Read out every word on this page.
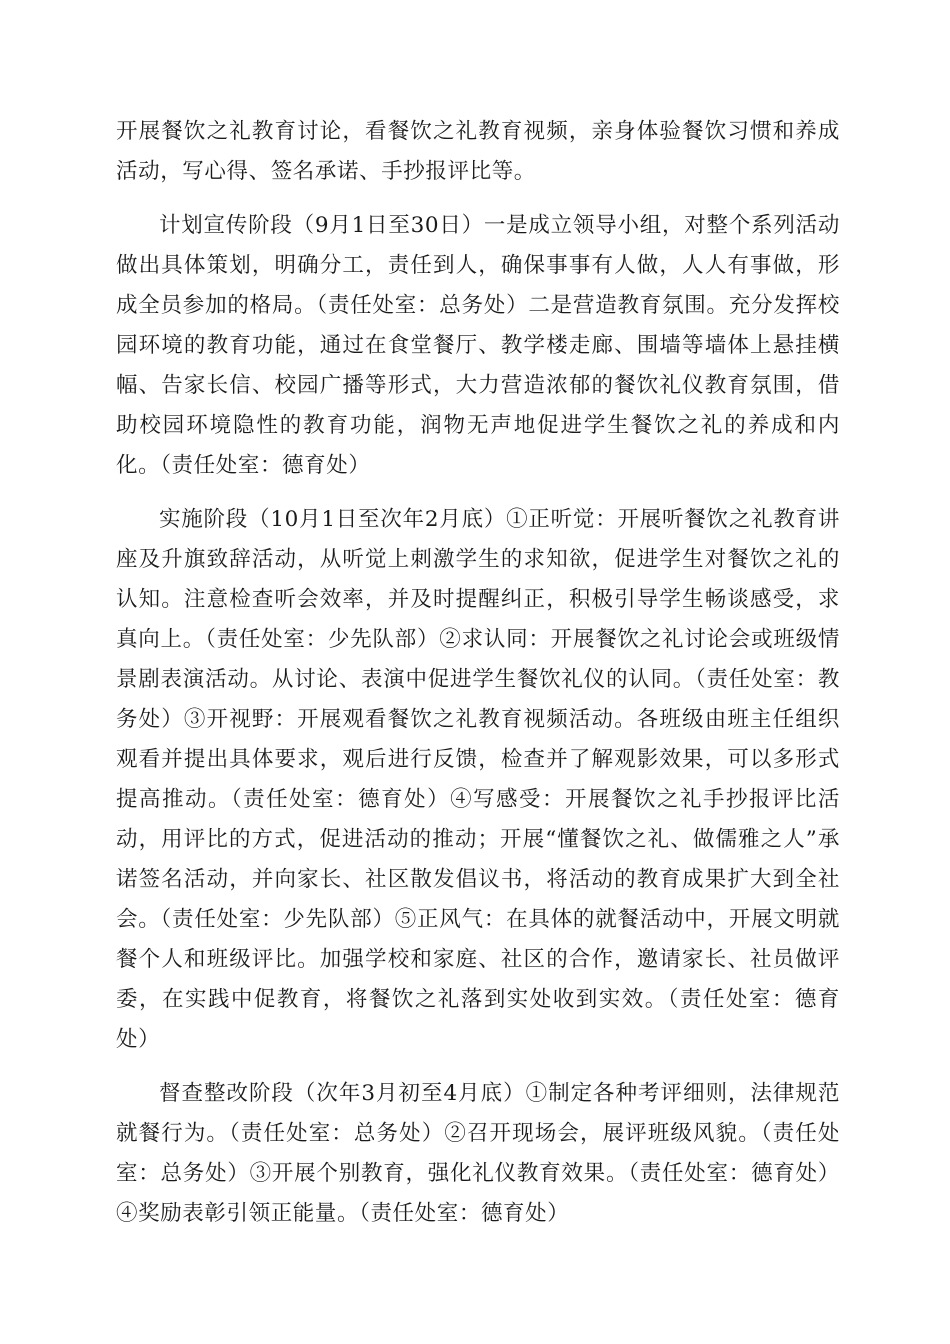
开展餐饮之礼教育讨论，看餐饮之礼教育视频，亲身体验餐饮习惯和养成活动，写心得、签名承诺、手抄报评比等。

计划宣传阶段（9月1日至30日）一是成立领导小组，对整个系列活动做出具体策划，明确分工，责任到人，确保事事有人做，人人有事做，形成全员参加的格局。（责任处室：总务处）二是营造教育氛围。充分发挥校园环境的教育功能，通过在食堂餐厅、教学楼走廊、围墙等墙体上悬挂横幅、告家长信、校园广播等形式，大力营造浓郁的餐饮礼仪教育氛围，借助校园环境隐性的教育功能，润物无声地促进学生餐饮之礼的养成和内化。（责任处室：德育处）

实施阶段（10月1日至次年2月底）①正听觉：开展听餐饮之礼教育讲座及升旗致辞活动，从听觉上刺激学生的求知欲，促进学生对餐饮之礼的认知。注意检查听会效率，并及时提醒纠正，积极引导学生畅谈感受，求真向上。（责任处室：少先队部）②求认同：开展餐饮之礼讨论会或班级情景剧表演活动。从讨论、表演中促进学生餐饮礼仪的认同。（责任处室：教务处）③开视野：开展观看餐饮之礼教育视频活动。各班级由班主任组织观看并提出具体要求，观后进行反馈，检查并了解观影效果，可以多形式提高推动。（责任处室：德育处）④写感受：开展餐饮之礼手抄报评比活动，用评比的方式，促进活动的推动；开展“懂餐饮之礼、做儒雅之人”承诺签名活动，并向家长、社区散发倡议书，将活动的教育成果扩大到全社会。（责任处室：少先队部）⑤正风气：在具体的就餐活动中，开展文明就餐个人和班级评比。加强学校和家庭、社区的合作，邀请家长、社员做评委，在实践中促教育，将餐饮之礼落到实处收到实效。（责任处室：德育处）

督查整改阶段（次年3月初至4月底）①制定各种考评细则，法律规范就餐行为。（责任处室：总务处）②召开现场会，展评班级风貌。（责任处室：总务处）③开展个别教育，强化礼仪教育效果。（责任处室：德育处）④奖励表彰引领正能量。（责任处室：德育处）
